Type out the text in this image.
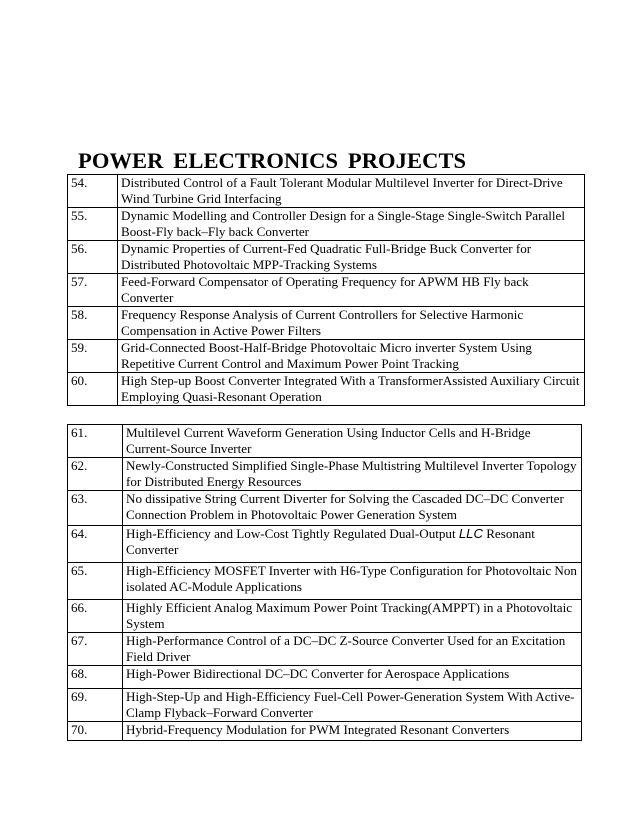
POWER ELECTRONICS PROJECTS
54.	Distributed Control of a Fault Tolerant Modular Multilevel Inverter for Direct-Drive Wind Turbine Grid Interfacing
55.	Dynamic Modelling and Controller Design for a Single-Stage Single-Switch Parallel Boost-Fly back–Fly back Converter
56.	Dynamic Properties of Current-Fed Quadratic Full-Bridge Buck Converter for Distributed Photovoltaic MPP-Tracking Systems
57.	Feed-Forward Compensator of Operating Frequency for APWM HB Fly back Converter
58.	Frequency Response Analysis of Current Controllers for Selective Harmonic Compensation in Active Power Filters
59.	Grid-Connected Boost-Half-Bridge Photovoltaic Micro inverter System Using Repetitive Current Control and Maximum Power Point Tracking
60.	High Step-up Boost Converter Integrated With a TransformerAssisted Auxiliary Circuit Employing Quasi-Resonant Operation
61.	Multilevel Current Waveform Generation Using Inductor Cells and H-Bridge Current-Source Inverter
62.	Newly-Constructed Simplified Single-Phase Multistring Multilevel Inverter Topology for Distributed Energy Resources
63.	No dissipative String Current Diverter for Solving the Cascaded DC–DC Converter Connection Problem in Photovoltaic Power Generation System
64.	High-Efficiency and Low-Cost Tightly Regulated Dual-Output LLC Resonant Converter
65.	High-Efficiency MOSFET Inverter with H6-Type Configuration for Photovoltaic Non isolated AC-Module Applications
66.	Highly Efficient Analog Maximum Power Point Tracking(AMPPT) in a Photovoltaic System
67.	High-Performance Control of a DC–DC Z-Source Converter Used for an Excitation Field Driver
68.	High-Power Bidirectional DC–DC Converter for Aerospace Applications
69.	High-Step-Up and High-Efficiency Fuel-Cell Power-Generation System With Active-Clamp Flyback–Forward Converter
70.	Hybrid-Frequency Modulation for PWM Integrated Resonant Converters
